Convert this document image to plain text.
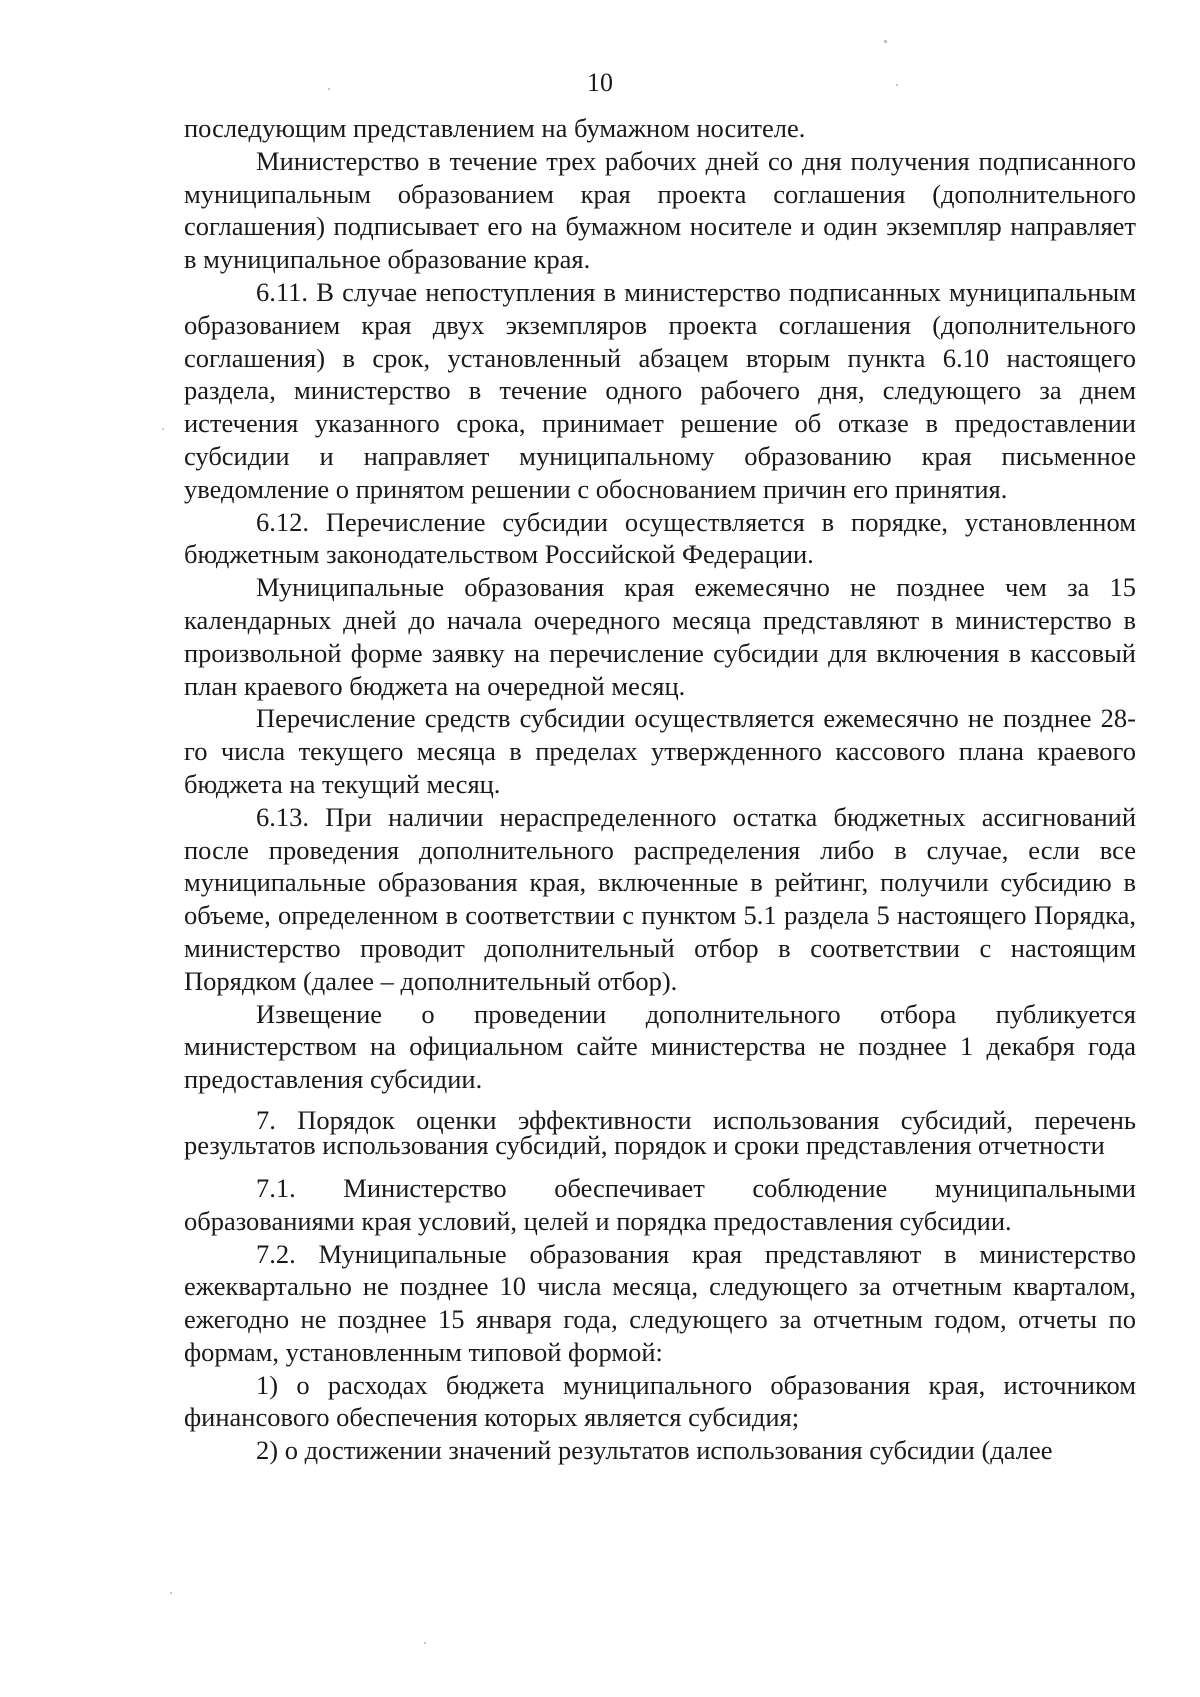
10

последующим представлением на бумажном носителе.

Министерство в течение трех рабочих дней со дня получения подписанного муниципальным образованием края проекта соглашения (дополнительного соглашения) подписывает его на бумажном носителе и один экземпляр направляет в муниципальное образование края.

6.11. В случае непоступления в министерство подписанных муниципальным образованием края двух экземпляров проекта соглашения (дополнительного соглашения) в срок, установленный абзацем вторым пункта 6.10 настоящего раздела, министерство в течение одного рабочего дня, следующего за днем истечения указанного срока, принимает решение об отказе в предоставлении субсидии и направляет муниципальному образованию края письменное уведомление о принятом решении с обоснованием причин его принятия.

6.12. Перечисление субсидии осуществляется в порядке, установленном бюджетным законодательством Российской Федерации.

Муниципальные образования края ежемесячно не позднее чем за 15 календарных дней до начала очередного месяца представляют в министерство в произвольной форме заявку на перечисление субсидии для включения в кассовый план краевого бюджета на очередной месяц.

Перечисление средств субсидии осуществляется ежемесячно не позднее 28-го числа текущего месяца в пределах утвержденного кассового плана краевого бюджета на текущий месяц.

6.13. При наличии нераспределенного остатка бюджетных ассигнований после проведения дополнительного распределения либо в случае, если все муниципальные образования края, включенные в рейтинг, получили субсидию в объеме, определенном в соответствии с пунктом 5.1 раздела 5 настоящего Порядка, министерство проводит дополнительный отбор в соответствии с настоящим Порядком (далее – дополнительный отбор).

Извещение о проведении дополнительного отбора публикуется министерством на официальном сайте министерства не позднее 1 декабря года предоставления субсидии.

7. Порядок оценки эффективности использования субсидий, перечень результатов использования субсидий, порядок и сроки представления отчетности

7.1. Министерство обеспечивает соблюдение муниципальными образованиями края условий, целей и порядка предоставления субсидии.

7.2. Муниципальные образования края представляют в министерство ежеквартально не позднее 10 числа месяца, следующего за отчетным кварталом, ежегодно не позднее 15 января года, следующего за отчетным годом, отчеты по формам, установленным типовой формой:

1) о расходах бюджета муниципального образования края, источником финансового обеспечения которых является субсидия;

2) о достижении значений результатов использования субсидии (далее
